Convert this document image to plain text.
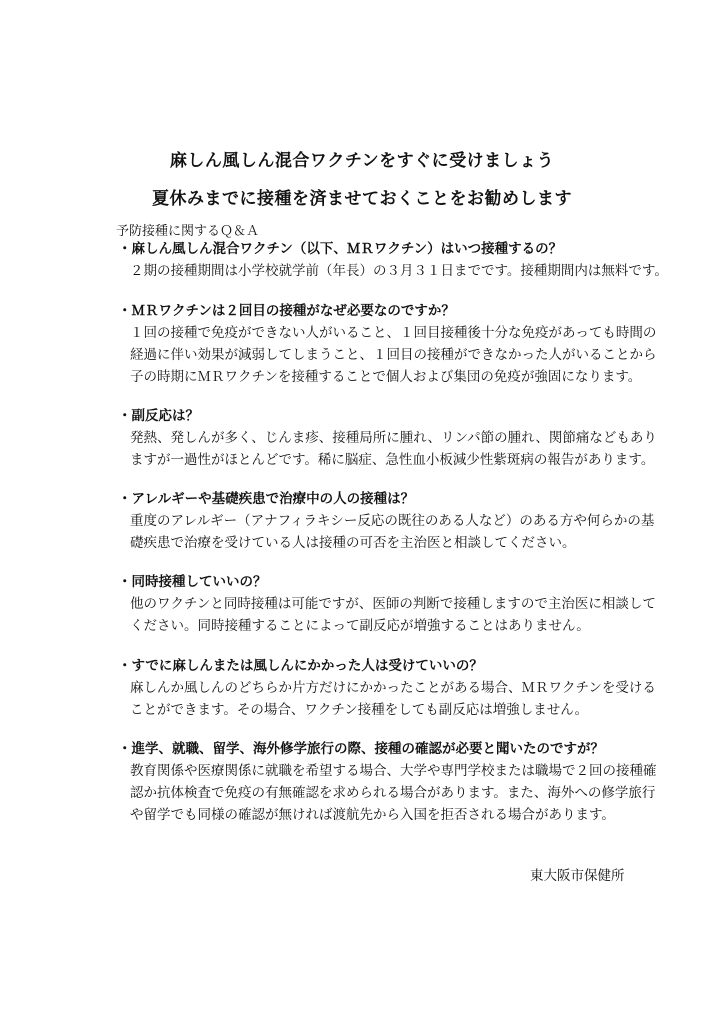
麻しん風しん混合ワクチンをすぐに受けましょう
夏休みまでに接種を済ませておくことをお勧めします
予防接種に関するＱ＆Ａ
・麻しん風しん混合ワクチン（以下、ＭＲワクチン）はいつ接種するの？
２期の接種期間は小学校就学前（年長）の３月３１日までです。接種期間内は無料です。
・ＭＲワクチンは２回目の接種がなぜ必要なのですか？
１回の接種で免疫ができない人がいること、１回目接種後十分な免疫があっても時間の
経過に伴い効果が減弱してしまうこと、１回目の接種ができなかった人がいることから
子の時期にＭＲワクチンを接種することで個人および集団の免疫が強固になります。
・副反応は？
発熱、発しんが多く、じんま疹、接種局所に腫れ、リンパ節の腫れ、関節痛などもあり
ますが一過性がほとんどです。稀に脳症、急性血小板減少性紫斑病の報告があります。
・アレルギーや基礎疾患で治療中の人の接種は？
重度のアレルギー（アナフィラキシー反応の既往のある人など）のある方や何らかの基
礎疾患で治療を受けている人は接種の可否を主治医と相談してください。
・同時接種していいの？
他のワクチンと同時接種は可能ですが、医師の判断で接種しますので主治医に相談して
ください。同時接種することによって副反応が増強することはありません。
・すでに麻しんまたは風しんにかかった人は受けていいの？
麻しんか風しんのどちらか片方だけにかかったことがある場合、ＭＲワクチンを受ける
ことができます。その場合、ワクチン接種をしても副反応は増強しません。
・進学、就職、留学、海外修学旅行の際、接種の確認が必要と聞いたのですが？
教育関係や医療関係に就職を希望する場合、大学や専門学校または職場で２回の接種確
認か抗体検査で免疫の有無確認を求められる場合があります。また、海外への修学旅行
や留学でも同様の確認が無ければ渡航先から入国を拒否される場合があります。
東大阪市保健所
